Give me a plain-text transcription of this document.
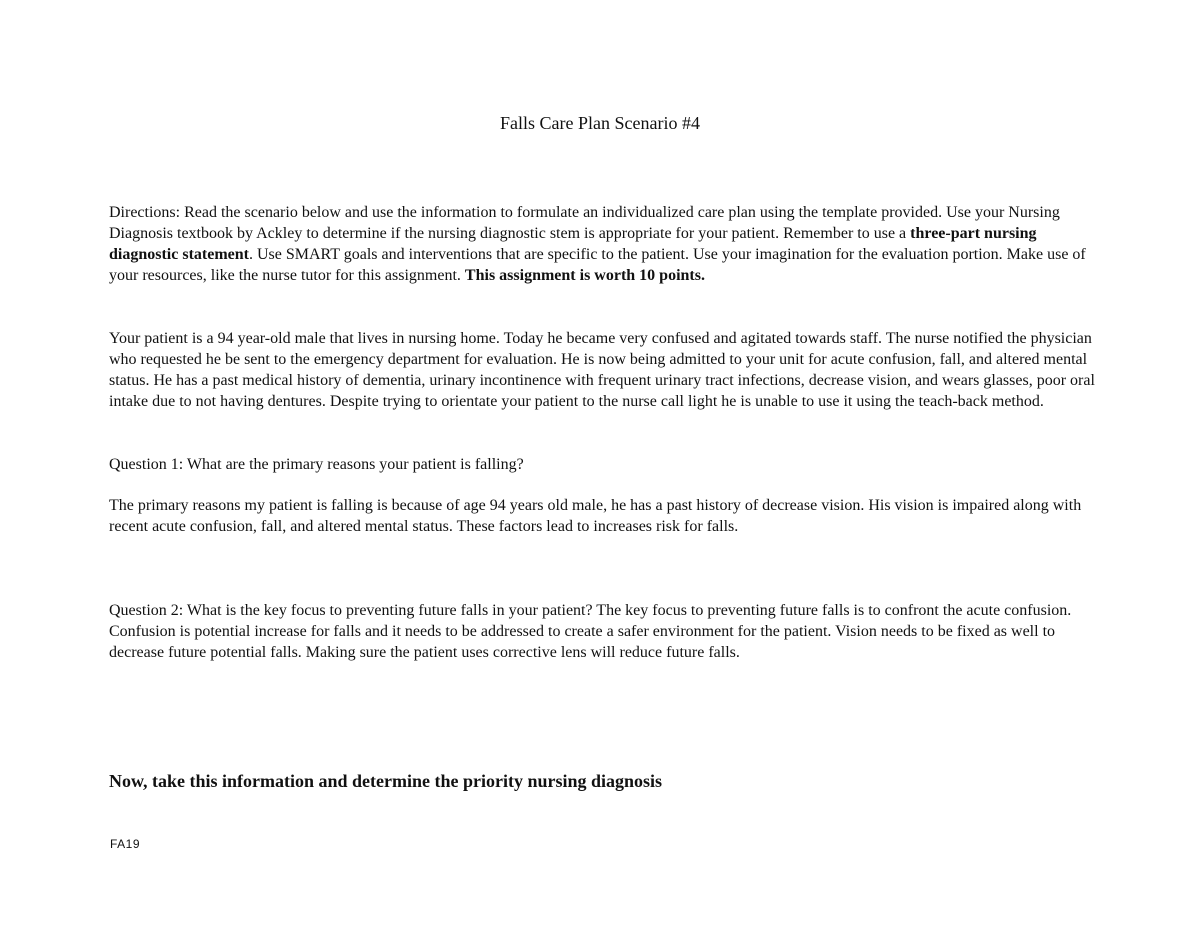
Falls Care Plan Scenario #4

Directions: Read the scenario below and use the information to formulate an individualized care plan using the template provided. Use your Nursing Diagnosis textbook by Ackley to determine if the nursing diagnostic stem is appropriate for your patient. Remember to use a three-part nursing diagnostic statement. Use SMART goals and interventions that are specific to the patient. Use your imagination for the evaluation portion. Make use of your resources, like the nurse tutor for this assignment. This assignment is worth 10 points.

Your patient is a 94 year-old male that lives in nursing home. Today he became very confused and agitated towards staff. The nurse notified the physician who requested he be sent to the emergency department for evaluation. He is now being admitted to your unit for acute confusion, fall, and altered mental status. He has a past medical history of dementia, urinary incontinence with frequent urinary tract infections, decrease vision, and wears glasses, poor oral intake due to not having dentures. Despite trying to orientate your patient to the nurse call light he is unable to use it using the teach-back method.

Question 1: What are the primary reasons your patient is falling?

The primary reasons my patient is falling is because of age 94 years old male, he has a past history of decrease vision. His vision is impaired along with recent acute confusion, fall, and altered mental status. These factors lead to increases risk for falls.

Question 2: What is the key focus to preventing future falls in your patient? The key focus to preventing future falls is to confront the acute confusion. Confusion is potential increase for falls and it needs to be addressed to create a safer environment for the patient. Vision needs to be fixed as well to decrease future potential falls. Making sure the patient uses corrective lens will reduce future falls.

Now, take this information and determine the priority nursing diagnosis

FA19
